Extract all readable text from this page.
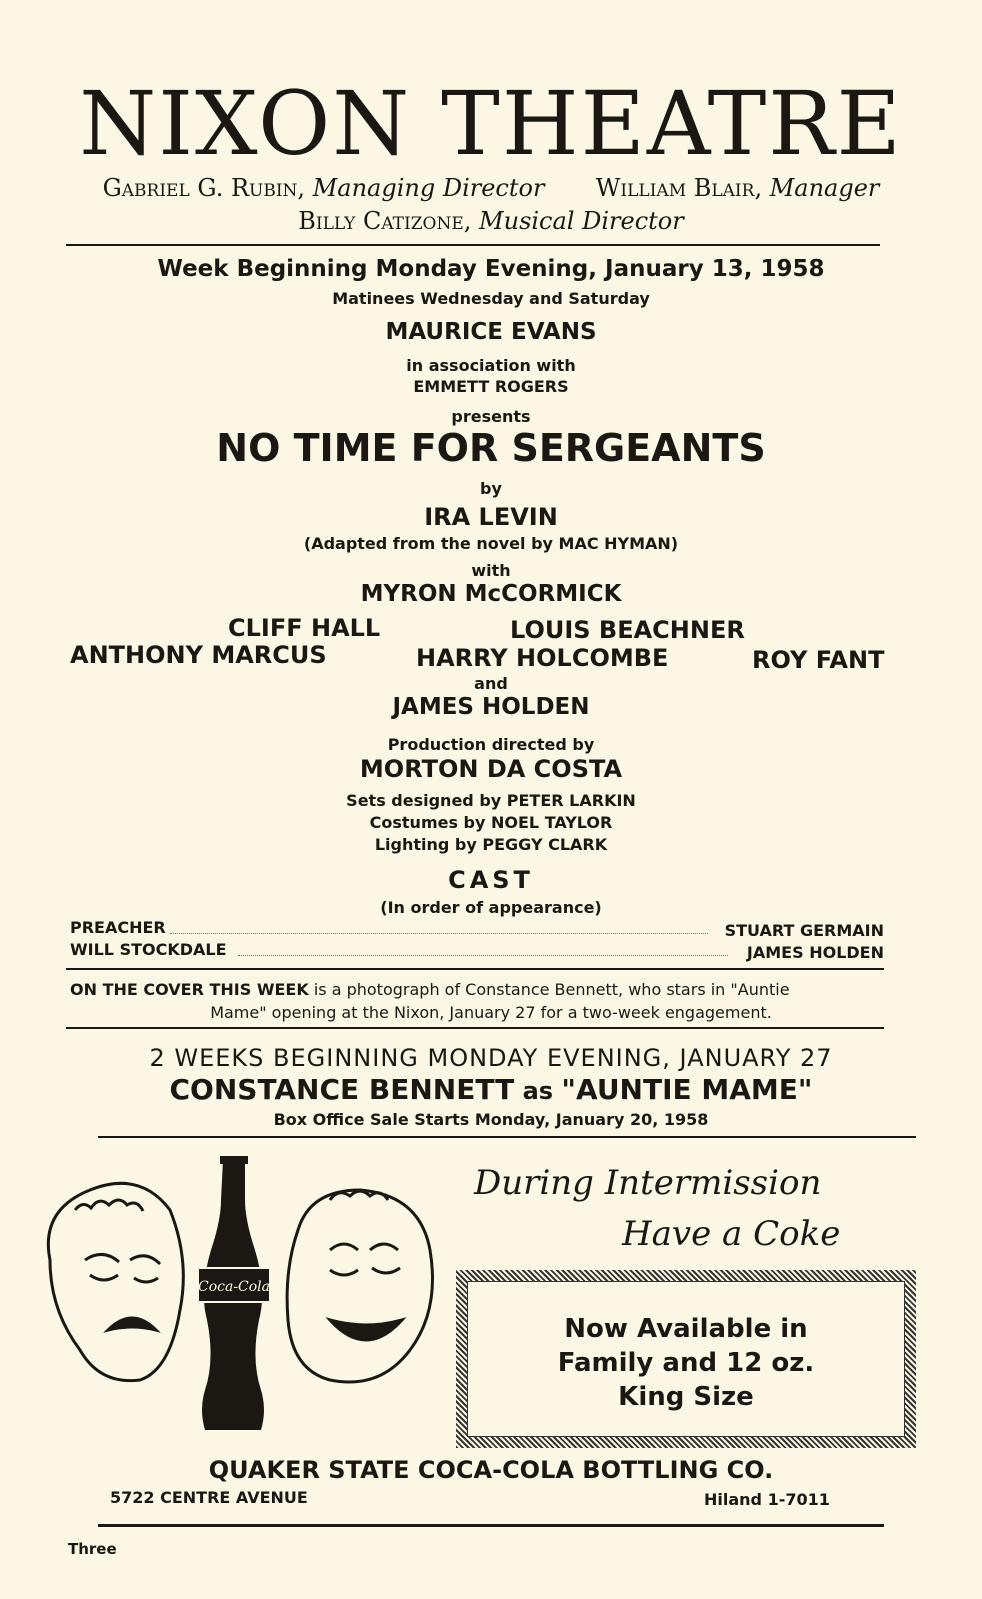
NIXON THEATRE
Gabriel G. Rubin, Managing Director William Blair, Manager
Billy Catizone, Musical Director
Week Beginning Monday Evening, January 13, 1958
Matinees Wednesday and Saturday
MAURICE EVANS
in association with
EMMETT ROGERS
presents
NO TIME FOR SERGEANTS
by
IRA LEVIN
(Adapted from the novel by MAC HYMAN)
with
MYRON McCORMICK
CLIFF HALL	LOUIS BEACHNER
ANTHONY MARCUS	HARRY HOLCOMBE	ROY FANT
and
JAMES HOLDEN
Production directed by
MORTON DA COSTA
Sets designed by PETER LARKIN
Costumes by NOEL TAYLOR
Lighting by PEGGY CLARK
CAST
(In order of appearance)
PREACHER	STUART GERMAIN
WILL STOCKDALE	JAMES HOLDEN
ON THE COVER THIS WEEK is a photograph of Constance Bennett, who stars in "Auntie
Mame" opening at the Nixon, January 27 for a two-week engagement.
2 WEEKS BEGINNING MONDAY EVENING, JANUARY 27
CONSTANCE BENNETT as "AUNTIE MAME"
Box Office Sale Starts Monday, January 20, 1958
Coca-Cola
During Intermission
Have a Coke
Now Available in
Family and 12 oz.
King Size
QUAKER STATE COCA-COLA BOTTLING CO.
5722 CENTRE AVENUE	Hiland 1-7011
Three
